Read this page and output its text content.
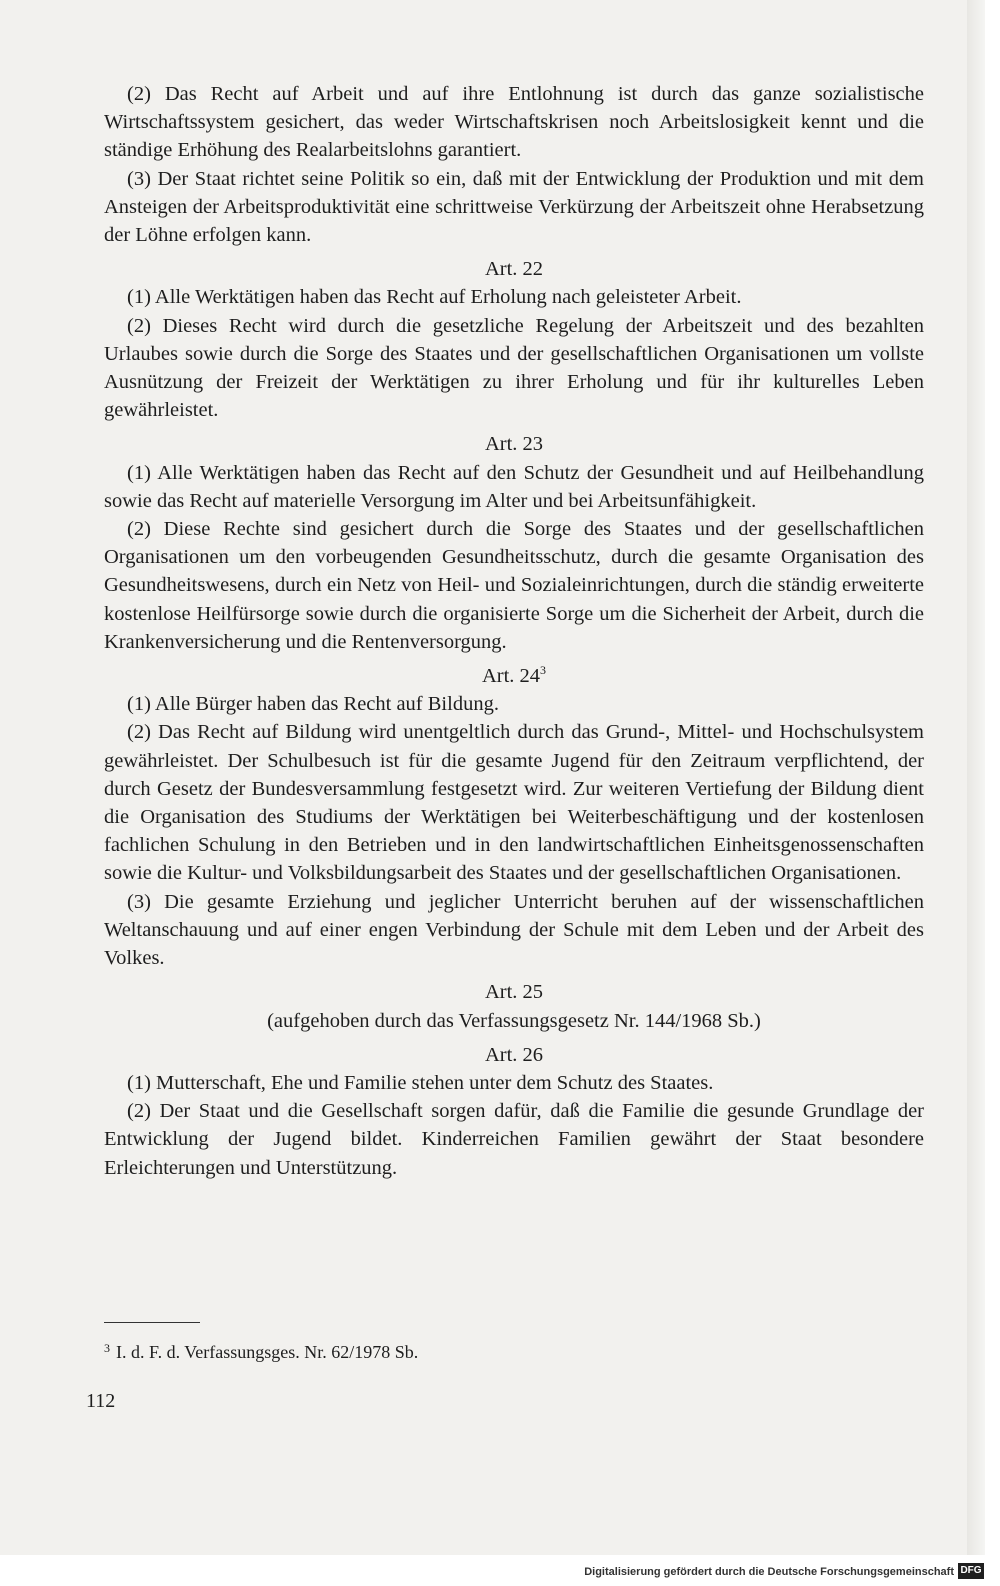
(2) Das Recht auf Arbeit und auf ihre Entlohnung ist durch das ganze sozialistische Wirtschaftssystem gesichert, das weder Wirtschaftskrisen noch Arbeitslosigkeit kennt und die ständige Erhöhung des Realarbeitslohns garantiert.

(3) Der Staat richtet seine Politik so ein, daß mit der Entwicklung der Produktion und mit dem Ansteigen der Arbeitsproduktivität eine schrittweise Verkürzung der Arbeitszeit ohne Herabsetzung der Löhne erfolgen kann.

Art. 22

(1) Alle Werktätigen haben das Recht auf Erholung nach geleisteter Arbeit.

(2) Dieses Recht wird durch die gesetzliche Regelung der Arbeitszeit und des bezahlten Urlaubes sowie durch die Sorge des Staates und der gesellschaftlichen Organisationen um vollste Ausnützung der Freizeit der Werktätigen zu ihrer Erholung und für ihr kulturelles Leben gewährleistet.

Art. 23

(1) Alle Werktätigen haben das Recht auf den Schutz der Gesundheit und auf Heilbehandlung sowie das Recht auf materielle Versorgung im Alter und bei Arbeitsunfähigkeit.

(2) Diese Rechte sind gesichert durch die Sorge des Staates und der gesellschaftlichen Organisationen um den vorbeugenden Gesundheitsschutz, durch die gesamte Organisation des Gesundheitswesens, durch ein Netz von Heil- und Sozialeinrichtungen, durch die ständig erweiterte kostenlose Heilfürsorge sowie durch die organisierte Sorge um die Sicherheit der Arbeit, durch die Krankenversicherung und die Rentenversorgung.

Art. $24^3$

(1) Alle Bürger haben das Recht auf Bildung.

(2) Das Recht auf Bildung wird unentgeltlich durch das Grund-, Mittel- und Hochschulsystem gewährleistet. Der Schulbesuch ist für die gesamte Jugend für den Zeitraum verpflichtend, der durch Gesetz der Bundesversammlung festgesetzt wird. Zur weiteren Vertiefung der Bildung dient die Organisation des Studiums der Werktätigen bei Weiterbeschäftigung und der kostenlosen fachlichen Schulung in den Betrieben und in den landwirtschaftlichen Einheitsgenossenschaften sowie die Kultur- und Volksbildungsarbeit des Staates und der gesellschaftlichen Organisationen.

(3) Die gesamte Erziehung und jeglicher Unterricht beruhen auf der wissenschaftlichen Weltanschauung und auf einer engen Verbindung der Schule mit dem Leben und der Arbeit des Volkes.

Art. 25

(aufgehoben durch das Verfassungsgesetz Nr. 144/1968 Sb.)

Art. 26

(1) Mutterschaft, Ehe und Familie stehen unter dem Schutz des Staates.

(2) Der Staat und die Gesellschaft sorgen dafür, daß die Familie die gesunde Grundlage der Entwicklung der Jugend bildet. Kinderreichen Familien gewährt der Staat besondere Erleichterungen und Unterstützung.

$^3$ I. d. F. d. Verfassungsges. Nr. 62/1978 Sb.
112
Digitalisierung gefördert durch die Deutsche Forschungsgemeinschaft DFG
